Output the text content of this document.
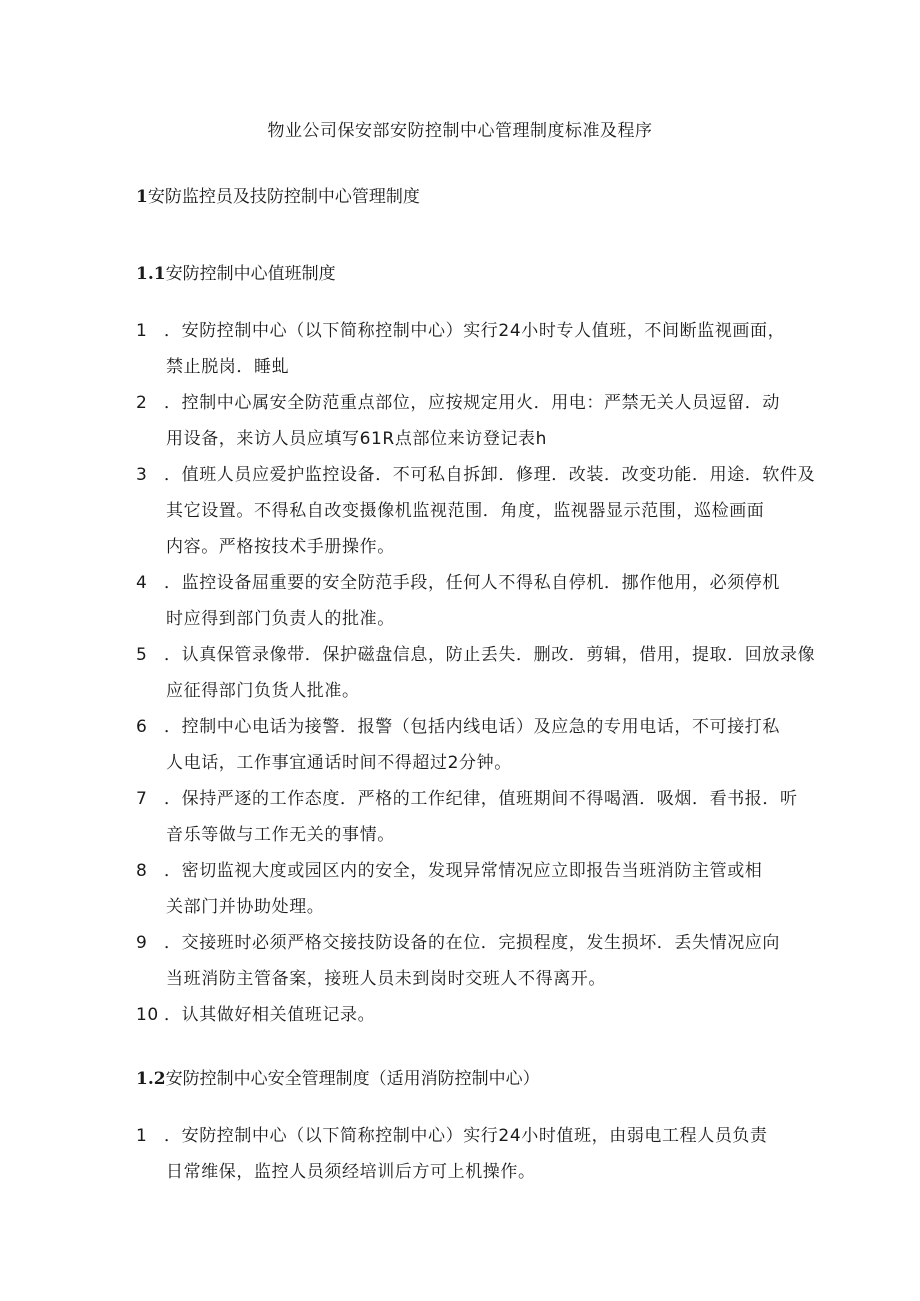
物业公司保安部安防控制中心管理制度标准及程序
1安防监控员及技防控制中心管理制度
1.1安防控制中心值班制度
1 ．安防控制中心（以下简称控制中心）实行24小时专人值班，不间断监视画面，
禁止脱岗．睡虬
2 ．控制中心属安全防范重点部位，应按规定用火．用电：严禁无关人员逗留．动
用设备，来访人员应填写61R点部位来访登记表h
3 ．值班人员应爱护监控设备．不可私自拆卸．修理．改装．改变功能．用途．软件及
其它设置。不得私自改变摄像机监视范围．角度，监视器显示范围，巡检画面
内容。严格按技术手册操作。
4 ．监控设备屈重要的安全防范手段，任何人不得私自停机．挪作他用，必须停机
时应得到部门负责人的批准。
5 ．认真保管录像带．保护磁盘信息，防止丢失．删改．剪辑，借用，提取．回放录像
应征得部门负货人批准。
6 ．控制中心电话为接警．报警（包括内线电话）及应急的专用电话，不可接打私
人电话，工作事宜通话时间不得超过2分钟。
7 ．保持严逐的工作态度．严格的工作纪律，值班期间不得喝酒．吸烟．看书报．听
音乐等做与工作无关的事情。
8 ．密切监视大度或园区内的安全，发现异常情况应立即报告当班消防主管或相
关部门并协助处理。
9 ．交接班时必须严格交接技防设备的在位．完损程度，发生损坏．丢失情况应向
当班消防主管备案，接班人员未到岗时交班人不得离开。
10 ．认其做好相关值班记录。
1.2安防控制中心安全管理制度（适用消防控制中心）
1 ．安防控制中心（以下简称控制中心）实行24小时值班，由弱电工程人员负责
日常维保，监控人员须经培训后方可上机操作。
